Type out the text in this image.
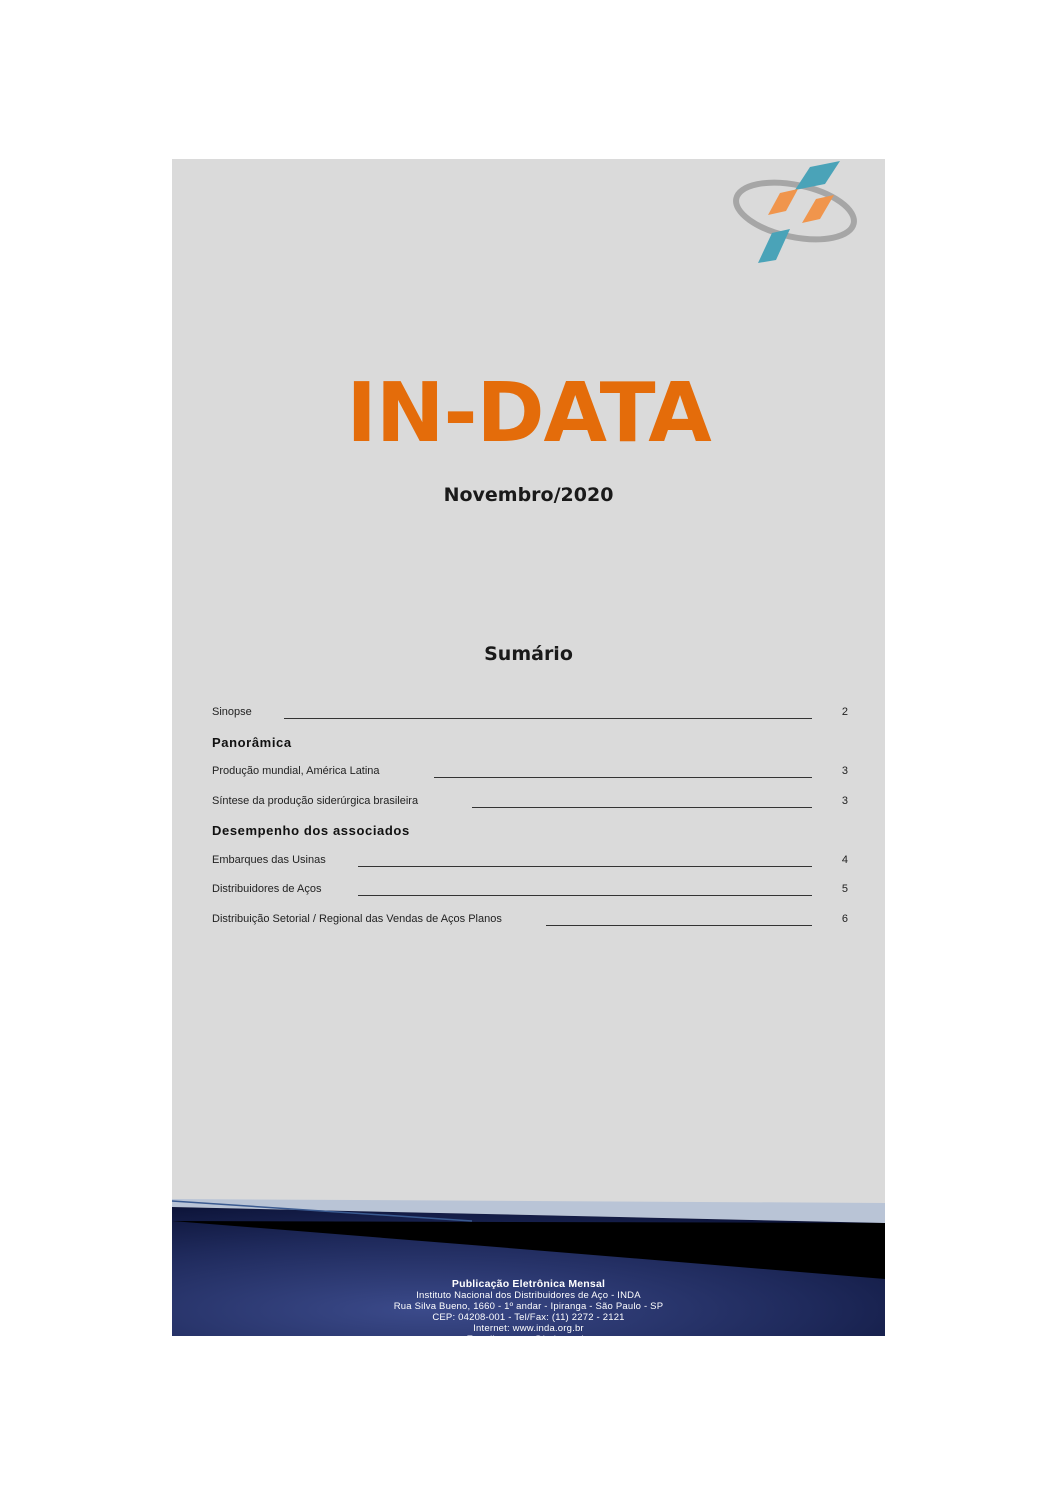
IN-DATA
Novembro/2020
Sumário
Sinopse	2
Panorâmica
Produção mundial, América Latina	3
Síntese da produção siderúrgica brasileira	3
Desempenho dos associados
Embarques das Usinas	4
Distribuidores de Aços	5
Distribuição Setorial / Regional das Vendas de Aços Planos	6
Publicação Eletrônica Mensal
Instituto Nacional dos Distribuidores de Aço - INDA
Rua Silva Bueno, 1660 - 1º andar - Ipiranga - São Paulo - SP
CEP: 04208-001 - Tel/Fax: (11) 2272 - 2121
Internet: www.inda.org.br
E-mail: contato@inda.org.br
